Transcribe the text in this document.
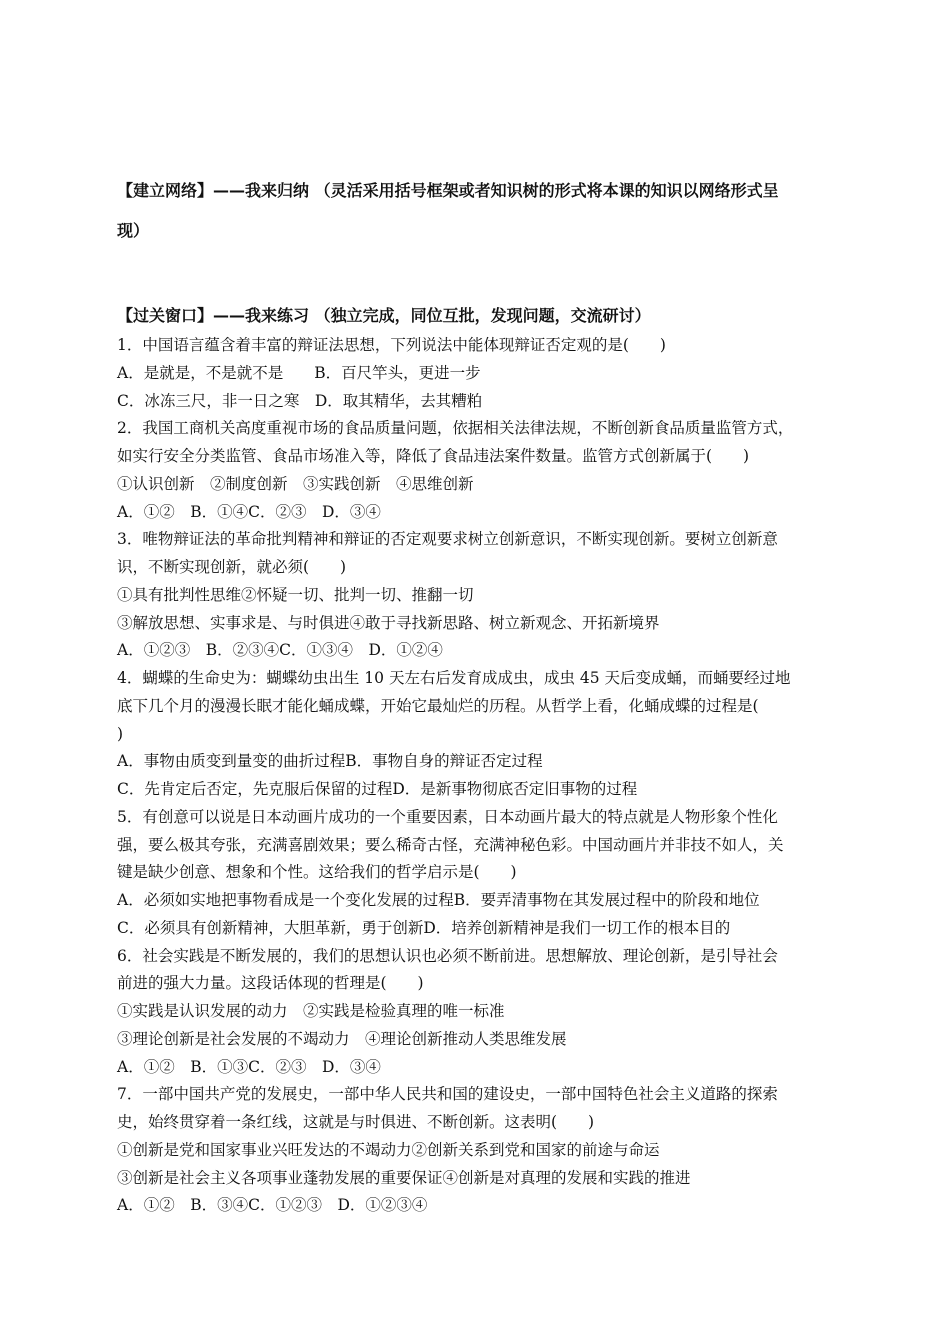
【建立网络】——我来归纳 （灵活采用括号框架或者知识树的形式将本课的知识以网络形式呈
现）
【过关窗口】——我来练习 （独立完成，同位互批，发现问题，交流研讨）
1．中国语言蕴含着丰富的辩证法思想，下列说法中能体现辩证否定观的是(　　)
A．是就是，不是就不是　　B．百尺竿头，更进一步
C．冰冻三尺，非一日之寒　D．取其精华，去其糟粕
2．我国工商机关高度重视市场的食品质量问题，依据相关法律法规，不断创新食品质量监管方式，
如实行安全分类监管、食品市场准入等，降低了食品违法案件数量。监管方式创新属于(　　)
①认识创新　②制度创新　③实践创新　④思维创新
A．①②　B．①④C．②③　D．③④
3．唯物辩证法的革命批判精神和辩证的否定观要求树立创新意识，不断实现创新。要树立创新意
识，不断实现创新，就必须(　　)
①具有批判性思维②怀疑一切、批判一切、推翻一切
③解放思想、实事求是、与时俱进④敢于寻找新思路、树立新观念、开拓新境界
A．①②③　B．②③④C．①③④　D．①②④
4．蝴蝶的生命史为：蝴蝶幼虫出生 10 天左右后发育成成虫，成虫 45 天后变成蛹，而蛹要经过地
底下几个月的漫漫长眠才能化蛹成蝶，开始它最灿烂的历程。从哲学上看，化蛹成蝶的过程是(
)
A．事物由质变到量变的曲折过程B．事物自身的辩证否定过程
C．先肯定后否定，先克服后保留的过程D．是新事物彻底否定旧事物的过程
5．有创意可以说是日本动画片成功的一个重要因素，日本动画片最大的特点就是人物形象个性化
强，要么极其夸张，充满喜剧效果；要么稀奇古怪，充满神秘色彩。中国动画片并非技不如人，关
键是缺少创意、想象和个性。这给我们的哲学启示是(　　)
A．必须如实地把事物看成是一个变化发展的过程B．要弄清事物在其发展过程中的阶段和地位
C．必须具有创新精神，大胆革新，勇于创新D．培养创新精神是我们一切工作的根本目的
6．社会实践是不断发展的，我们的思想认识也必须不断前进。思想解放、理论创新，是引导社会
前进的强大力量。这段话体现的哲理是(　　)
①实践是认识发展的动力　②实践是检验真理的唯一标准
③理论创新是社会发展的不竭动力　④理论创新推动人类思维发展
A．①②　B．①③C．②③　D．③④
7．一部中国共产党的发展史，一部中华人民共和国的建设史，一部中国特色社会主义道路的探索
史，始终贯穿着一条红线，这就是与时俱进、不断创新。这表明(　　)
①创新是党和国家事业兴旺发达的不竭动力②创新关系到党和国家的前途与命运
③创新是社会主义各项事业蓬勃发展的重要保证④创新是对真理的发展和实践的推进
A．①②　B．③④C．①②③　D．①②③④
